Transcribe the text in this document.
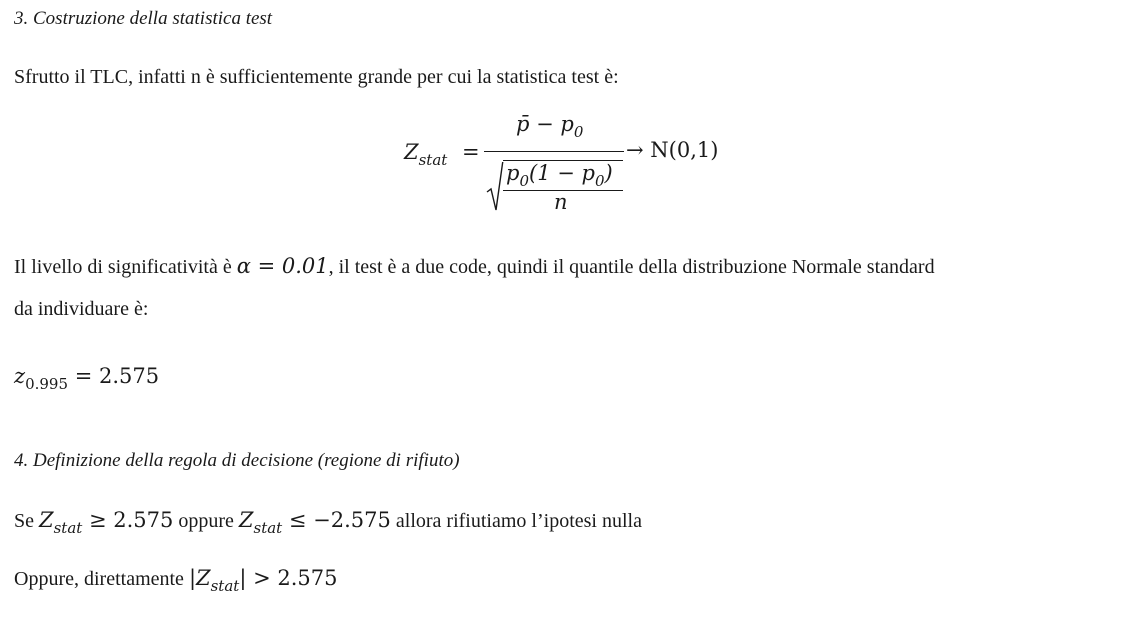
3. Costruzione della statistica test
Sfrutto il TLC, infatti n è sufficientemente grande per cui la statistica test è:
$Z_{stat}$ =
p̄ − $p_0$
$p_0(1 - p_0)$
n
→ N(0,1)
Il livello di significatività è α = 0.01, il test è a due code, quindi il quantile della distribuzione Normale standard
da individuare è:
$z_{0.995} = 2.575$
4. Definizione della regola di decisione (regione di rifiuto)
Se $Z_{stat} \ge 2.575$ oppure $Z_{stat} \le -2.575$ allora rifiutiamo l’ipotesi nulla
Oppure, direttamente $|Z_{stat}| > 2.575$
